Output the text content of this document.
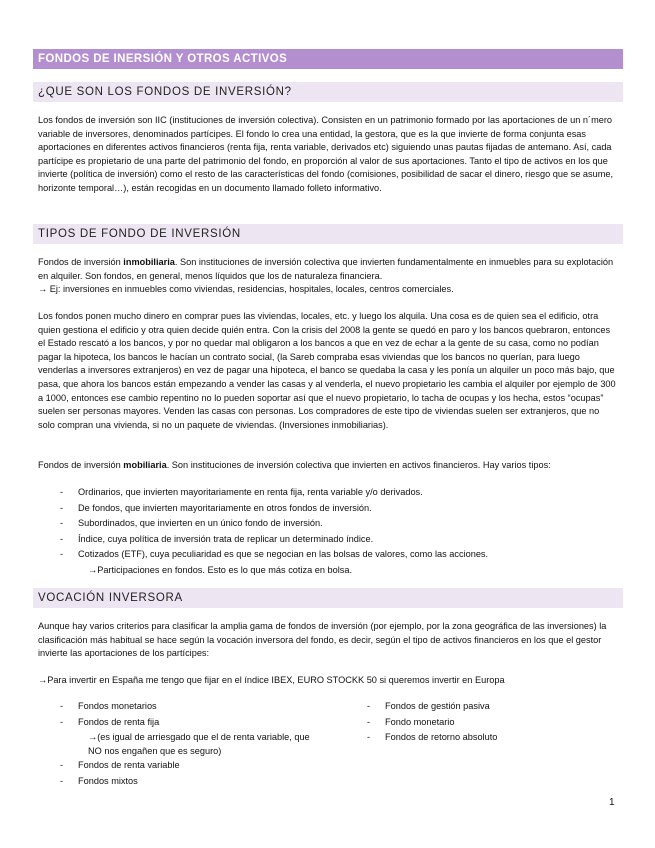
FONDOS DE INERSIÓN Y OTROS ACTIVOS
¿QUE SON LOS FONDOS DE INVERSIÓN?

Los fondos de inversión son IIC (instituciones de inversión colectiva). Consisten en un patrimonio formado por las aportaciones de un n´mero variable de inversores, denominados partícipes. El fondo lo crea una entidad, la gestora, que es la que invierte de forma conjunta esas aportaciones en diferentes activos financieros (renta fija, renta variable, derivados etc) siguiendo unas pautas fijadas de antemano. Así, cada partícipe es propietario de una parte del patrimonio del fondo, en proporción al valor de sus aportaciones. Tanto el tipo de activos en los que invierte (política de inversión) como el resto de las características del fondo (comisiones, posibilidad de sacar el dinero, riesgo que se asume, horizonte temporal…), están recogidas en un documento llamado folleto informativo.

TIPOS DE FONDO DE INVERSIÓN

Fondos de inversión inmobiliaria. Son instituciones de inversión colectiva que invierten fundamentalmente en inmuebles para su explotación en alquiler. Son fondos, en general, menos líquidos que los de naturaleza financiera.
→ Ej: inversiones en inmuebles como viviendas, residencias, hospitales, locales, centros comerciales.

Los fondos ponen mucho dinero en comprar pues las viviendas, locales, etc. y luego los alquila. Una cosa es de quien sea el edificio, otra quien gestiona el edificio y otra quien decide quién entra. Con la crisis del 2008 la gente se quedó en paro y los bancos quebraron, entonces el Estado rescató a los bancos, y por no quedar mal obligaron a los bancos a que en vez de echar a la gente de su casa, como no podían pagar la hipoteca, los bancos le hacían un contrato social, (la Sareb compraba esas viviendas que los bancos no querían, para luego venderlas a inversores extranjeros) en vez de pagar una hipoteca, el banco se quedaba la casa y les ponía un alquiler un poco más bajo, que pasa, que ahora los bancos están empezando a vender las casas y al venderla, el nuevo propietario les cambia el alquiler por ejemplo de 300 a 1000, entonces ese cambio repentino no lo pueden soportar así que el nuevo propietario, lo tacha de ocupas y los hecha, estos “ocupas” suelen ser personas mayores. Venden las casas con personas. Los compradores de este tipo de viviendas suelen ser extranjeros, que no solo compran una vivienda, si no un paquete de viviendas. (Inversiones inmobiliarias).

Fondos de inversión mobiliaria. Son instituciones de inversión colectiva que invierten en activos financieros. Hay varios tipos:

- Ordinarios, que invierten mayoritariamente en renta fija, renta variable y/o derivados.
- De fondos, que invierten mayoritariamente en otros fondos de inversión.
- Subordinados, que invierten en un único fondo de inversión.
- Índice, cuya política de inversión trata de replicar un determinado índice.
- Cotizados (ETF), cuya peculiaridad es que se negocian en las bolsas de valores, como las acciones.
→Participaciones en fondos. Esto es lo que más cotiza en bolsa.
VOCACIÓN INVERSORA

Aunque hay varios criterios para clasificar la amplia gama de fondos de inversión (por ejemplo, por la zona geográfica de las inversiones) la clasificación más habitual se hace según la vocación inversora del fondo, es decir, según el tipo de activos financieros en los que el gestor invierte las aportaciones de los partícipes:

→Para invertir en España me tengo que fijar en el índice IBEX, EURO STOCKK 50 si queremos invertir en Europa

- Fondos monetarios
- Fondos de renta fija
→(es igual de arriesgado que el de renta variable, que NO nos engañen que es seguro)
- Fondos de renta variable
- Fondos mixtos
- Fondos de gestión pasiva
- Fondo monetario
- Fondos de retorno absoluto
1
